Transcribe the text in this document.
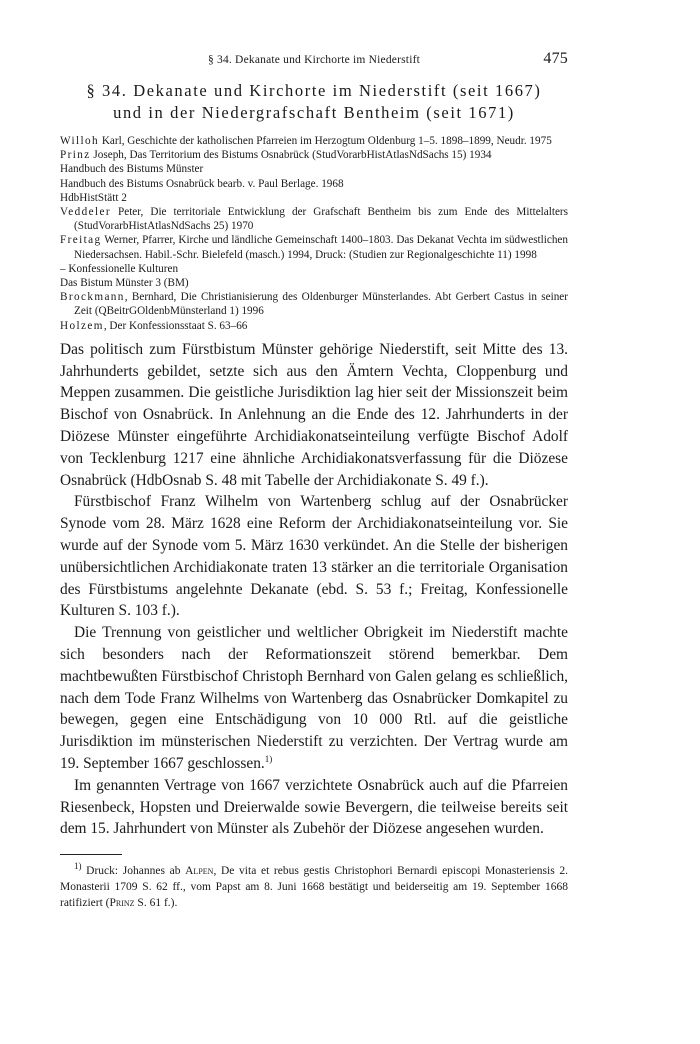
§ 34. Dekanate und Kirchorte im Niederstift	475
§ 34. Dekanate und Kirchorte im Niederstift (seit 1667)
und in der Niedergrafschaft Bentheim (seit 1671)
Willoh Karl, Geschichte der katholischen Pfarreien im Herzogtum Oldenburg 1–5. 1898–1899, Neudr. 1975
Prinz Joseph, Das Territorium des Bistums Osnabrück (StudVorarbHistAtlasNdSachs 15) 1934
Handbuch des Bistums Münster
Handbuch des Bistums Osnabrück bearb. v. Paul Berlage. 1968
HdbHistStätt 2
Veddeler Peter, Die territoriale Entwicklung der Grafschaft Bentheim bis zum Ende des Mittelalters (StudVorarbHistAtlasNdSachs 25) 1970
Freitag Werner, Pfarrer, Kirche und ländliche Gemeinschaft 1400–1803. Das Dekanat Vechta im südwestlichen Niedersachsen. Habil.-Schr. Bielefeld (masch.) 1994, Druck: (Studien zur Regionalgeschichte 11) 1998
– Konfessionelle Kulturen
Das Bistum Münster 3 (BM)
Brockmann, Bernhard, Die Christianisierung des Oldenburger Münsterlandes. Abt Gerbert Castus in seiner Zeit (QBeitrGOldenbMünsterland 1) 1996
Holzem, Der Konfessionsstaat S. 63–66

Das politisch zum Fürstbistum Münster gehörige Niederstift, seit Mitte des 13. Jahrhunderts gebildet, setzte sich aus den Ämtern Vechta, Cloppenburg und Meppen zusammen. Die geistliche Jurisdiktion lag hier seit der Missionszeit beim Bischof von Osnabrück. In Anlehnung an die Ende des 12. Jahrhunderts in der Diözese Münster eingeführte Archidiakonatseinteilung verfügte Bischof Adolf von Tecklenburg 1217 eine ähnliche Archidiakonatsverfassung für die Diözese Osnabrück (HdbOsnab S. 48 mit Tabelle der Archidiakonate S. 49 f.).

Fürstbischof Franz Wilhelm von Wartenberg schlug auf der Osnabrücker Synode vom 28. März 1628 eine Reform der Archidiakonatseinteilung vor. Sie wurde auf der Synode vom 5. März 1630 verkündet. An die Stelle der bisherigen unübersichtlichen Archidiakonate traten 13 stärker an die territoriale Organisation des Fürstbistums angelehnte Dekanate (ebd. S. 53 f.; Freitag, Konfessionelle Kulturen S. 103 f.).

Die Trennung von geistlicher und weltlicher Obrigkeit im Niederstift machte sich besonders nach der Reformationszeit störend bemerkbar. Dem machtbewußten Fürstbischof Christoph Bernhard von Galen gelang es schließlich, nach dem Tode Franz Wilhelms von Wartenberg das Osnabrücker Domkapitel zu bewegen, gegen eine Entschädigung von 10 000 Rtl. auf die geistliche Jurisdiktion im münsterischen Niederstift zu verzichten. Der Vertrag wurde am 19. September 1667 geschlossen.$^{1)}$

Im genannten Vertrage von 1667 verzichtete Osnabrück auch auf die Pfarreien Riesenbeck, Hopsten und Dreierwalde sowie Bevergern, die teilweise bereits seit dem 15. Jahrhundert von Münster als Zubehör der Diözese angesehen wurden.

$^{1)}$ Druck: Johannes ab Alpen, De vita et rebus gestis Christophori Bernardi episcopi Monasteriensis 2. Monasterii 1709 S. 62 ff., vom Papst am 8. Juni 1668 bestätigt und beiderseitig am 19. September 1668 ratifiziert (Prinz S. 61 f.).
